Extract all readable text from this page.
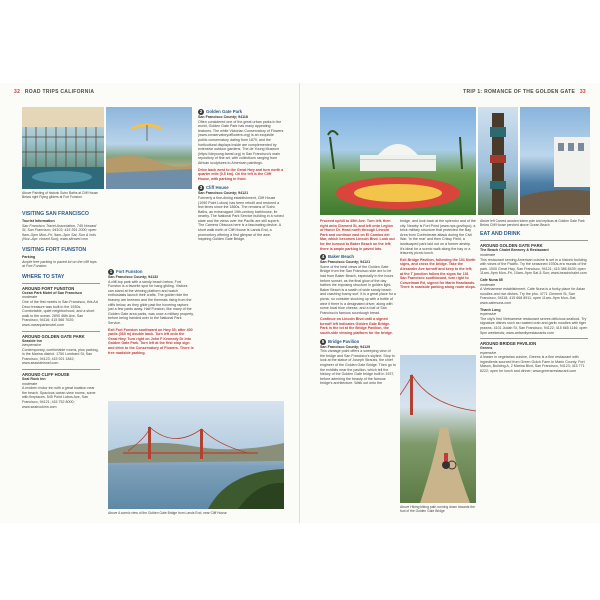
32 ROAD TRIPS CALIFORNIA
Above Painting of historic Sutro Baths at Cliff House Below right Flying gliders at Fort Funston
VISITING SAN FRANCISCO
Tourist Information
San Francisco Travel Association, 749 Howard St, San Francisco, 94103; 415 391 2000; open 9am–5pm Mon–Fri, 9am–3pm Sat, Sun & hols (Nov–Apr: closed Sun); www.sftravel.com
VISITING FORT FUNSTON
Parking
Ample free parking in paved lot on the cliff tops at Fort Funston.
WHERE TO STAY
AROUND FORT FUNSTON
Ocean Park Motel of San Francisco
moderate
One of the first motels in San Francisco, this Art Deco treasure was built in the 1930s. Comfortable, quiet neighborhood, and a short walk to the ocean. 2690 46th Ave, San Francisco, 94116; 415 566 7020; www.oceanparkmotel.com
AROUND GOLDEN GATE PARK
Seaside Inn
inexpensive
Contemporary, comfortable rooms, plus parking, in the Marina district. 1750 Lombard St, San Francisco, 94123; 415 921 1842; www.seasideinnsf.com
AROUND CLIFF HOUSE
Seal Rock Inn
moderate
A modern motor inn with a great location near the beach. Spacious ocean-view rooms, some with fireplaces. 545 Point Lobos Ave, San Francisco, 94121; 415 752 8000; www.sealrockinn.com
1 Fort Funston
San Francisco County; 94132
A cliff-top park with a sandy beach below, Fort Funston is a favorite spot for hang gliding. Visitors can stand at the viewing platform and watch enthusiasts launch their crafts. The golden tide the bravery are breezes and the thermals rising from the cliffs below, as they glide past the hovering raptors just a few yards away. Half Funston, like many of the Golden Gate area parks, was once a military property, before being handed over to the National Park Service.
Exit Fort Funston southward on Hwy 35; after 400 yards (365 m) double back. Turn left onto the Great Hwy. Turn right on John F Kennedy Dr into Golden Gate Park. Turn left at the first stop sign and drive to the Conservatory of Flowers. There is free roadside parking.
2 Golden Gate Park
San Francisco County; 94118
Often considered one of the great urban parks in the world, Golden Gate Park has many appealing features. The white Victorian Conservatory of Flowers (www.conservatoryofflowers.org) is an exquisite public conservatory dating from 1879, and the horticultural displays inside are complemented by extensive outdoor gardens. The de Young Museum (https://deyoung.famsf.org) in San Francisco's main repository of fine art, with collections ranging from African sculptures to American paintings.
Drive back west to the Great Hwy and turn north a quarter mile (0.5 km). On the left is the Cliff House, with parking in front.
3 Cliff House
San Francisco County; 94121
Formerly a fine-dining establishment, Cliff House (1090 Point Lobos) has been rebuilt and restored a few times since the 1860s. The remains of Sutro Baths, an extravagant 19th-century bathhouse, lie nearby. The National Park Service building in a ruined state and the views over the Pacific are still superb. The Camera Obscura here is a fascinating device. A short walk north of Cliff House is Lands End, a promontory offering a first glimpse of the awe-inspiring Golden Gate Bridge.
Above A scenic view of the Golden Gate Bridge from Lands End, near Cliff House
TRIP 1: ROMANCE OF THE GOLDEN GATE 33
Proceed uphill to 45th Ave. Turn left, then right onto Clement St, and left onto Legion of Honor Dr. Head north through Lincoln Park and continue east on El Camino del Mar, which becomes Lincoln Blvd. Look out for the turnout to Baker Beach on the left; there is ample parking in paved lots.
4 Baker Beach
San Francisco County; 94121
Some of the best views of the Golden Gate Bridge from the San Francisco side are to be had from Baker Beach, especially in the hours before sunset, as the final glow of the day bathes the imposing structure in golden light. Baker Beach is a swath of wide sandy beach and crashing foamy surf. It is a great place for a picnic, so consider stocking up with a bottle of wine if there is a designated driver, along with some local blue cheese, and a loaf of San Francisco's famous sourdough bread.
Continue on Lincoln Blvd until a signed turnoff left indicates Golden Gate Bridge. Park in the lot at the Bridge Pavilion, the south-side viewing platform for the bridge.
5 Bridge Pavilion
San Francisco County; 94129
This vantage point offers a sweeping view of the bridge and San Francisco's skyline. Stop to look at the statue of Joseph Strauss, the chief engineer of the Golden Gate Bridge. Then go to the exhibits near the pavilion, which tell the history of the Golden Gate bridge built in 1937, before admiring the beauty of the famous bridge's architecture. Walk out onto the
bridge, and look back at the splendor and of the city. Nearby is Fort Point (www.nps.gov/fopo), a brick military structure that protected the Bay Area from Confederate attack during the Civil War. 'In the rear' and then Crissy Field, a landscaped park laid out on a former airstrip. It's ideal for a scenic walk along the bay or a leisurely picnic lunch.
Exit Bridge Pavilion, following the 101 North signs, and cross the bridge. Take the Alexander Ave turnoff and keep to the left; at the T junction follow the signs for 101 San Francisco southbound, turn right to Conzelman Rd, signed for Marin Headlands. There is roadside parking along route stops.
Above Hiking biking path running down towards the foot of the Golden Gate Bridge
Above left Carved wooden totem pole and replicas at Golden Gate Park Below Cliff House perched above Ocean Beach
EAT AND DRINK
AROUND GOLDEN GATE PARK
The Beach Chalet Brewery & Restaurant
moderate
This restaurant serving American cuisine is set in a historic building with views of the Pacific. Try the seasoned 1930s-era murals of the park. 1000 Great Hwy, San Francisco, 94121; 415 386 8439; open 11am–9pm Mon–Fri, 10am–9pm Sat & Sun; www.beachchalet.com
Cafe Nuna 85
moderate
A Vietnamese establishment. Cafe Nuna is a funky place for Asian noodles and rice dishes. Try the pho. 4771 Clement St, San Francisco, 94118; 415 668 8911; open 11am–9pm Mon–Sat; www.cafenuna.com
Thanh Long
expensive
The city's first Vietnamese restaurant serves delicious seafood. Try signature dishes such as roasted crab and garlic noodles with tiger prawns. 4101 Judah St, San Francisco, 94122; 415 665 1146; open 5pm weekends; www.anfamilyrestaurants.com
AROUND BRIDGE PAVILION
Greens
expensive
A leader in vegetarian cuisine, Greens is a fine restaurant with ingredients sourced from Green Gulch Farm in Marin County. Fort Mason, Building A, 2 Marina Blvd, San Francisco, 94123; 415 771 6222; open for lunch and dinner; www.greensrestaurant.com
